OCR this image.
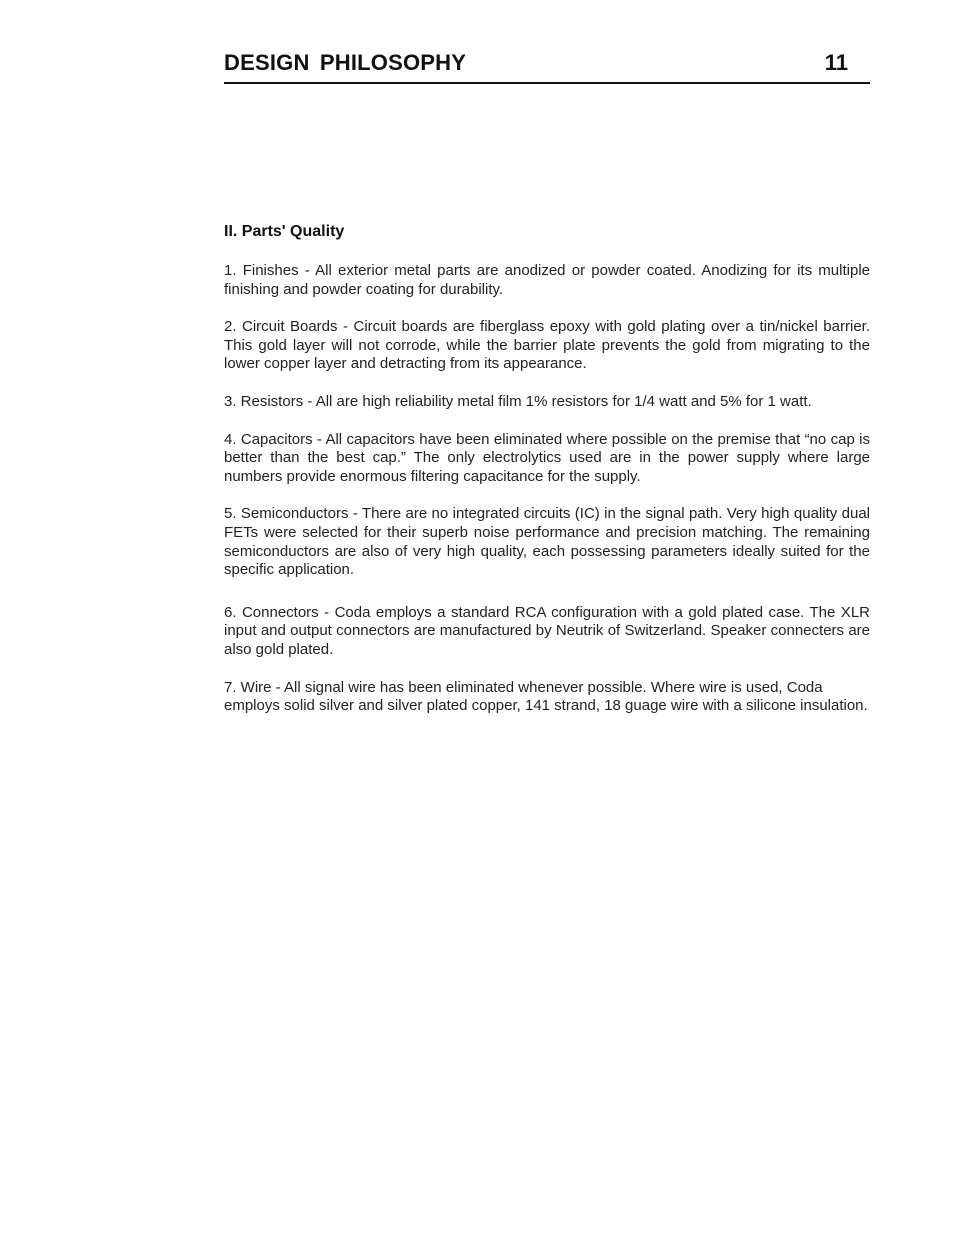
DESIGN PHILOSOPHY	11
II. Parts' Quality

1. Finishes - All exterior metal parts are anodized or powder coated. Anodizing for its multiple finishing and powder coating for durability.

2. Circuit Boards - Circuit boards are fiberglass epoxy with gold plating over a tin/nickel barrier. This gold layer will not corrode, while the barrier plate prevents the gold from migrating to the lower copper layer and detracting from its appearance.

3. Resistors - All are high reliability metal film 1% resistors for 1/4 watt and 5% for 1 watt.

4. Capacitors - All capacitors have been eliminated where possible on the premise that “no cap is better than the best cap.” The only electrolytics used are in the power supply where large numbers provide enormous filtering capacitance for the supply.

5. Semiconductors - There are no integrated circuits (IC) in the signal path. Very high quality dual FETs were selected for their superb noise performance and precision matching. The remaining semiconductors are also of very high quality, each possessing parameters ideally suited for the specific application.

6. Connectors - Coda employs a standard RCA configuration with a gold plated case. The XLR input and output connectors are manufactured by Neutrik of Switzerland. Speaker connecters are also gold plated.

7. Wire - All signal wire has been eliminated whenever possible. Where wire is used, Coda employs solid silver and silver plated copper, 141 strand, 18 guage wire with a silicone insulation.
